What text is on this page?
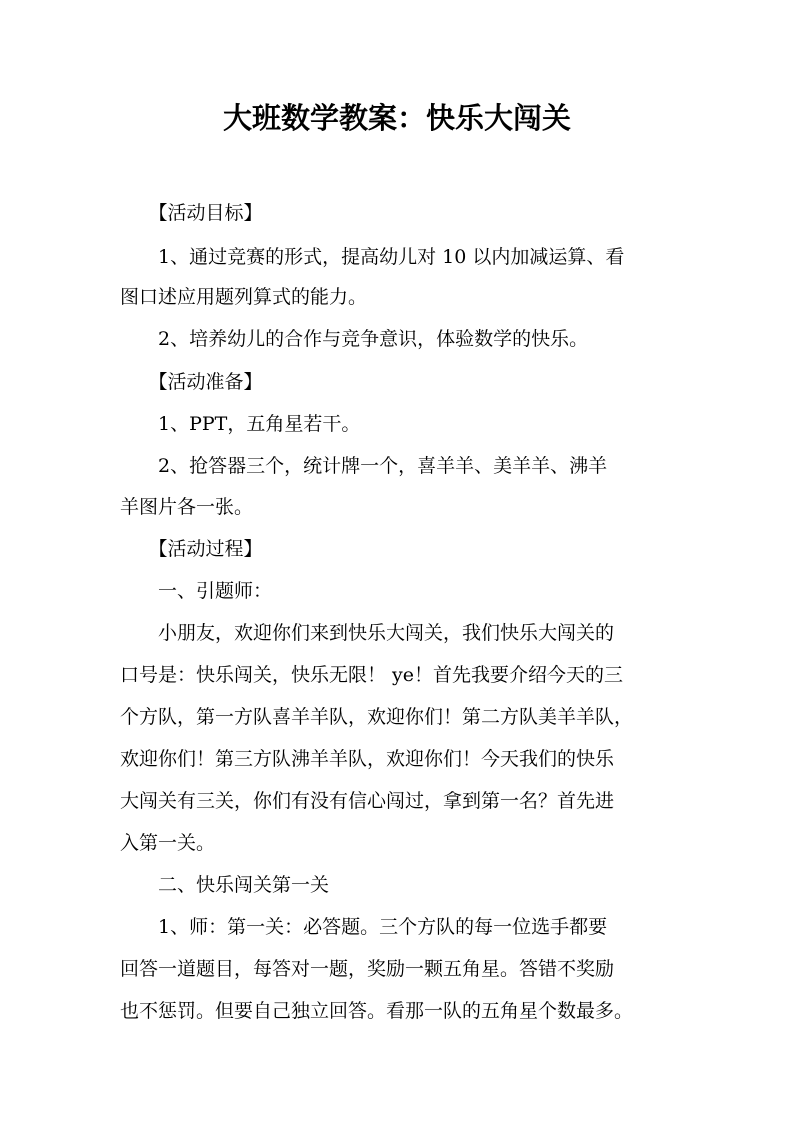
大班数学教案：快乐大闯关

　　【活动目标】

　　1、通过竞赛的形式，提高幼儿对 10 以内加减运算、看

图口述应用题列算式的能力。

　　2、培养幼儿的合作与竞争意识，体验数学的快乐。

　　【活动准备】

　　1、PPT，五角星若干。

　　2、抢答器三个，统计牌一个，喜羊羊、美羊羊、沸羊

羊图片各一张。

　　【活动过程】

　　一、引题师：

　　小朋友，欢迎你们来到快乐大闯关，我们快乐大闯关的

口号是：快乐闯关，快乐无限！ ye！首先我要介绍今天的三

个方队，第一方队喜羊羊队，欢迎你们！第二方队美羊羊队，

欢迎你们！第三方队沸羊羊队，欢迎你们！今天我们的快乐

大闯关有三关，你们有没有信心闯过，拿到第一名？首先进

入第一关。

　　二、快乐闯关第一关

　　1、师：第一关：必答题。三个方队的每一位选手都要

回答一道题目，每答对一题，奖励一颗五角星。答错不奖励

也不惩罚。但要自己独立回答。看那一队的五角星个数最多。
